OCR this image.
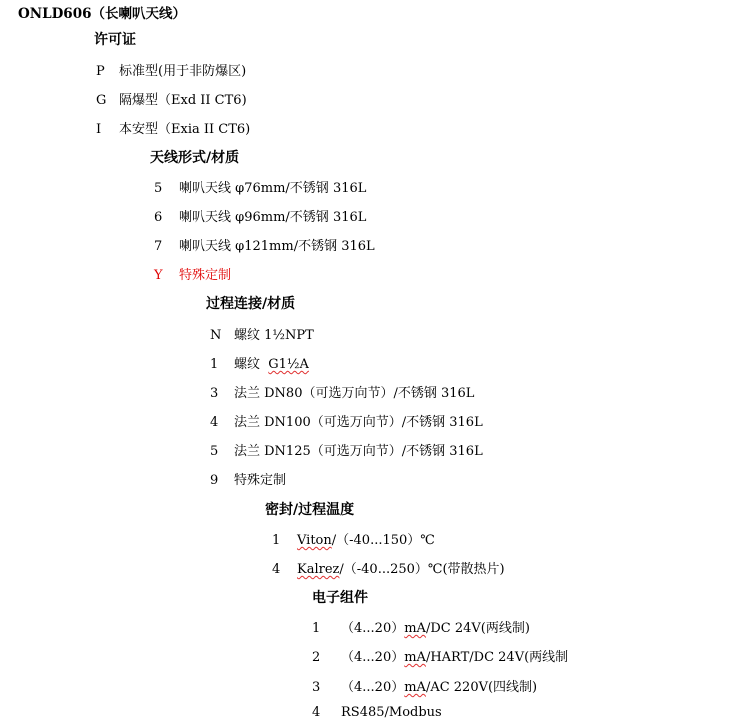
ONLD606（长喇叭天线）
许可证
P	标准型(用于非防爆区)
G 隔爆型（Exd II CT6)
I	本安型（Exia II CT6)
天线形式/材质
5	喇叭天线 φ76mm/不锈钢 316L
6	喇叭天线 φ96mm/不锈钢 316L
7	喇叭天线 φ121mm/不锈钢 316L
Y	特殊定制
过程连接/材质
N 螺纹 1½NPT
1	螺纹  G1½A
3	法兰 DN80（可选万向节）/不锈钢 316L
4	法兰 DN100（可选万向节）/不锈钢 316L
5	法兰 DN125（可选万向节）/不锈钢 316L
9	特殊定制
密封/过程温度
1	Viton/（-40...150）℃
4	Kalrez/（-40...250）℃(带散热片)
电子组件
1	（4...20）mA/DC 24V(两线制)
2	（4...20）mA/HART/DC 24V(两线制
3	（4...20）mA/AC 220V(四线制)
4	RS485/Modbus
